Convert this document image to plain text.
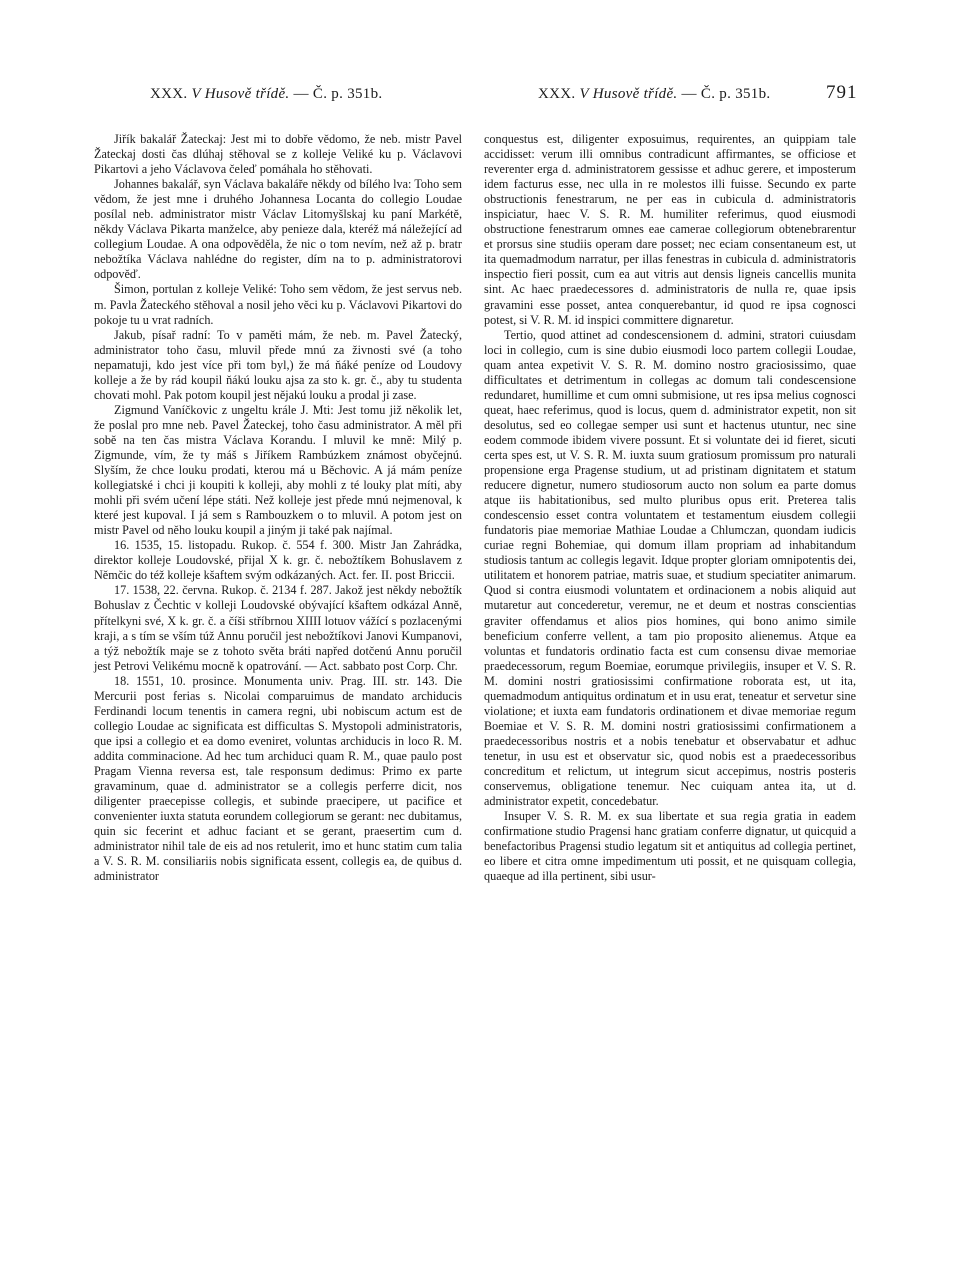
XXX. V Husově třídě. — Č. p. 351b.	XXX. V Husově třídě. — Č. p. 351b.	791

Jiřík bakalář Žateckaj: Jest mi to dobře vědomo, že neb. mistr Pavel Žateckaj dosti čas dlúhaj stěhoval se z kolleje Veliké ku p. Václavovi Pikartovi a jeho Václavova čeleď pomáhala ho stěhovati.

Johannes bakalář, syn Václava bakaláře někdy od bílého lva: Toho sem vědom, že jest mne i druhého Johannesa Locanta do collegio Loudae posílal neb. administrator mistr Václav Litomyšlskaj ku paní Markétě, někdy Václava Pikarta manželce, aby penieze dala, kteréž má náležející ad collegium Loudae. A ona odpověděla, že nic o tom nevím, než až p. bratr nebožtíka Václava nahlédne do register, dím na to p. administratorovi odpověď.

Šimon, portulan z kolleje Veliké: Toho sem vědom, že jest servus neb. m. Pavla Žateckého stěhoval a nosil jeho věci ku p. Václavovi Pikartovi do pokoje tu u vrat radních.

Jakub, písař radní: To v paměti mám, že neb. m. Pavel Žatecký, administrator toho času, mluvil přede mnú za živnosti své (a toho nepamatuji, kdo jest více při tom byl,) že má ňáké peníze od Loudovy kolleje a že by rád koupil ňákú louku ajsa za sto k. gr. č., aby tu studenta chovati mohl. Pak potom koupil jest nějakú louku a prodal ji zase.

Zigmund Vaníčkovic z ungeltu krále J. Mti: Jest tomu již několik let, že poslal pro mne neb. Pavel Žateckej, toho času administrator. A měl při sobě na ten čas mistra Václava Korandu. I mluvil ke mně: Milý p. Zigmunde, vím, že ty máš s Jiříkem Rambúzkem známost obyčejnú. Slyším, že chce louku prodati, kterou má u Běchovic. A já mám peníze kollegiatské i chci ji koupiti k kolleji, aby mohli z té louky plat míti, aby mohli při svém učení lépe státi. Než kolleje jest přede mnú nejmenoval, k které jest kupoval. I já sem s Rambouzkem o to mluvil. A potom jest on mistr Pavel od něho louku koupil a jiným ji také pak najímal.

16. 1535, 15. listopadu. Rukop. č. 554 f. 300. Mistr Jan Zahrádka, direktor kolleje Loudovské, přijal X k. gr. č. nebožtíkem Bohuslavem z Němčic do též kolleje kšaftem svým odkázaných. Act. fer. II. post Briccii.

17. 1538, 22. června. Rukop. č. 2134 f. 287. Jakož jest někdy nebožtík Bohuslav z Čechtic v kolleji Loudovské obývající kšaftem odkázal Anně, přítelkyni své, X k. gr. č. a číši stříbrnou XIIII lotuov vážící s pozlacenými kraji, a s tím se vším túž Annu poručil jest nebožtíkovi Janovi Kumpanovi, a týž nebožtík maje se z tohoto světa bráti napřed dotčenú Annu poručil jest Petrovi Velikému mocně k opatrování. — Act. sabbato post Corp. Chr.

18. 1551, 10. prosince. Monumenta univ. Prag. III. str. 143. Die Mercurii post ferias s. Nicolai comparuimus de mandato archiducis Ferdinandi locum tenentis in camera regni, ubi nobiscum actum est de collegio Loudae ac significata est difficultas S. Mystopoli administratoris, que ipsi a collegio et ea domo eveniret, voluntas archiducis in loco R. M. addita comminacione. Ad hec tum archiduci quam R. M., quae paulo post Pragam Vienna reversa est, tale responsum dedimus: Primo ex parte gravaminum, quae d. administrator se a collegis perferre dicit, nos diligenter praecepisse collegis, et subinde praecipere, ut pacifice et convenienter iuxta statuta eorundem collegiorum se gerant: nec dubitamus, quin sic fecerint et adhuc faciant et se gerant, praesertim cum d. administrator nihil tale de eis ad nos retulerit, imo et hunc statim cum talia a V. S. R. M. consiliariis nobis significata essent, collegis ea, de quibus d. administrator

conquestus est, diligenter exposuimus, requirentes, an quippiam tale accidisset: verum illi omnibus contradicunt affirmantes, se officiose et reverenter erga d. administratorem gessisse et adhuc gerere, et imposterum idem facturus esse, nec ulla in re molestos illi fuisse. Secundo ex parte obstructionis fenestrarum, ne per eas in cubicula d. administratoris inspiciatur, haec V. S. R. M. humiliter referimus, quod eiusmodi obstructione fenestrarum omnes eae camerae collegiorum obtenebrarentur et prorsus sine studiis operam dare posset; nec eciam consentaneum est, ut ita quemadmodum narratur, per illas fenestras in cubicula d. administratoris inspectio fieri possit, cum ea aut vitris aut densis ligneis cancellis munita sint. Ac haec praedecessores d. administratoris de nulla re, quae ipsis gravamini esse posset, antea conquerebantur, id quod re ipsa cognosci potest, si V. R. M. id inspici committere dignaretur.

Tertio, quod attinet ad condescensionem d. admini, stratori cuiusdam loci in collegio, cum is sine dubio eiusmodi loco partem collegii Loudae, quam antea expetivit V. S. R. M. domino nostro graciosissimo, quae difficultates et detrimentum in collegas ac domum tali condescensione redundaret, humillime et cum omni submisione, ut res ipsa melius cognosci queat, haec referimus, quod is locus, quem d. administrator expetit, non sit desolutus, sed eo collegae semper usi sunt et hactenus utuntur, nec sine eodem commode ibidem vivere possunt. Et si voluntate dei id fieret, sicuti certa spes est, ut V. S. R. M. iuxta suum gratiosum promissum pro naturali propensione erga Pragense studium, ut ad pristinam dignitatem et statum reducere dignetur, numero studiosorum aucto non solum ea parte domus atque iis habitationibus, sed multo pluribus opus erit. Preterea talis condescensio esset contra voluntatem et testamentum eiusdem collegii fundatoris piae memoriae Mathiae Loudae a Chlumczan, quondam iudicis curiae regni Bohemiae, qui domum illam propriam ad inhabitandum studiosis tantum ac collegis legavit. Idque propter gloriam omnipotentis dei, utilitatem et honorem patriae, matris suae, et studium speciatiter animarum. Quod si contra eiusmodi voluntatem et ordinacionem a nobis aliquid aut mutaretur aut concederetur, veremur, ne et deum et nostras conscientias graviter offendamus et alios pios homines, qui bono animo simile beneficium conferre vellent, a tam pio proposito alienemus. Atque ea voluntas et fundatoris ordinatio facta est cum consensu divae memoriae praedecessorum, regum Boemiae, eorumque privilegiis, insuper et V. S. R. M. domini nostri gratiosissimi confirmatione roborata est, ut ita, quemadmodum antiquitus ordinatum et in usu erat, teneatur et servetur sine violatione; et iuxta eam fundatoris ordinationem et divae memoriae regum Boemiae et V. S. R. M. domini nostri gratiosissimi confirmationem a praedecessoribus nostris et a nobis tenebatur et observabatur et adhuc tenetur, in usu est et observatur sic, quod nobis est a praedecessoribus concreditum et relictum, ut integrum sicut accepimus, nostris posteris conservemus, obligatione tenemur. Nec cuiquam antea ita, ut d. administrator expetit, concedebatur.

Insuper V. S. R. M. ex sua libertate et sua regia gratia in eadem confirmatione studio Pragensi hanc gratiam conferre dignatur, ut quicquid a benefactoribus Pragensi studio legatum sit et antiquitus ad collegia pertinet, eo libere et citra omne impedimentum uti possit, et ne quisquam collegia, quaeque ad illa pertinent, sibi usur-
